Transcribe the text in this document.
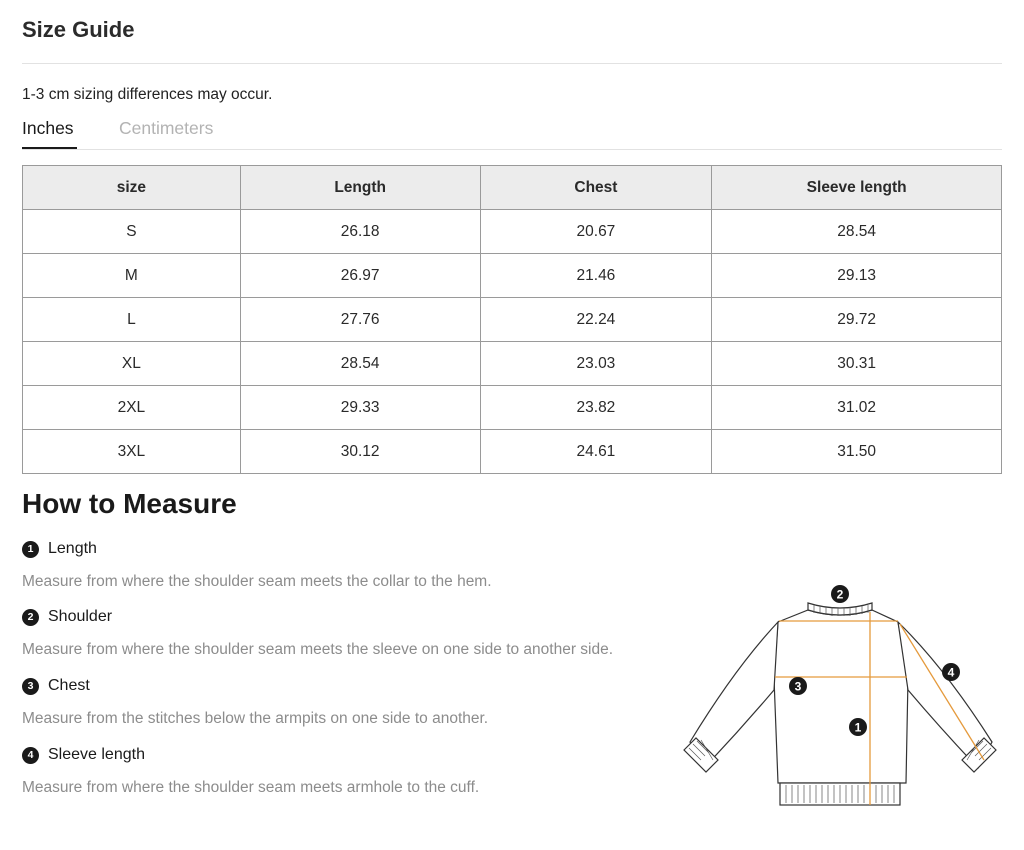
Size Guide
1-3 cm sizing differences may occur.
Inches	Centimeters
size	Length	Chest	Sleeve length
S	26.18	20.67	28.54
M	26.97	21.46	29.13
L	27.76	22.24	29.72
XL	28.54	23.03	30.31
2XL	29.33	23.82	31.02
3XL	30.12	24.61	31.50
How to Measure
1 Length
Measure from where the shoulder seam meets the collar to the hem.
2 Shoulder
Measure from where the shoulder seam meets the sleeve on one side to another side.
3 Chest
Measure from the stitches below the armpits on one side to another.
4 Sleeve length
Measure from where the shoulder seam meets armhole to the cuff.
1
2
3
4
